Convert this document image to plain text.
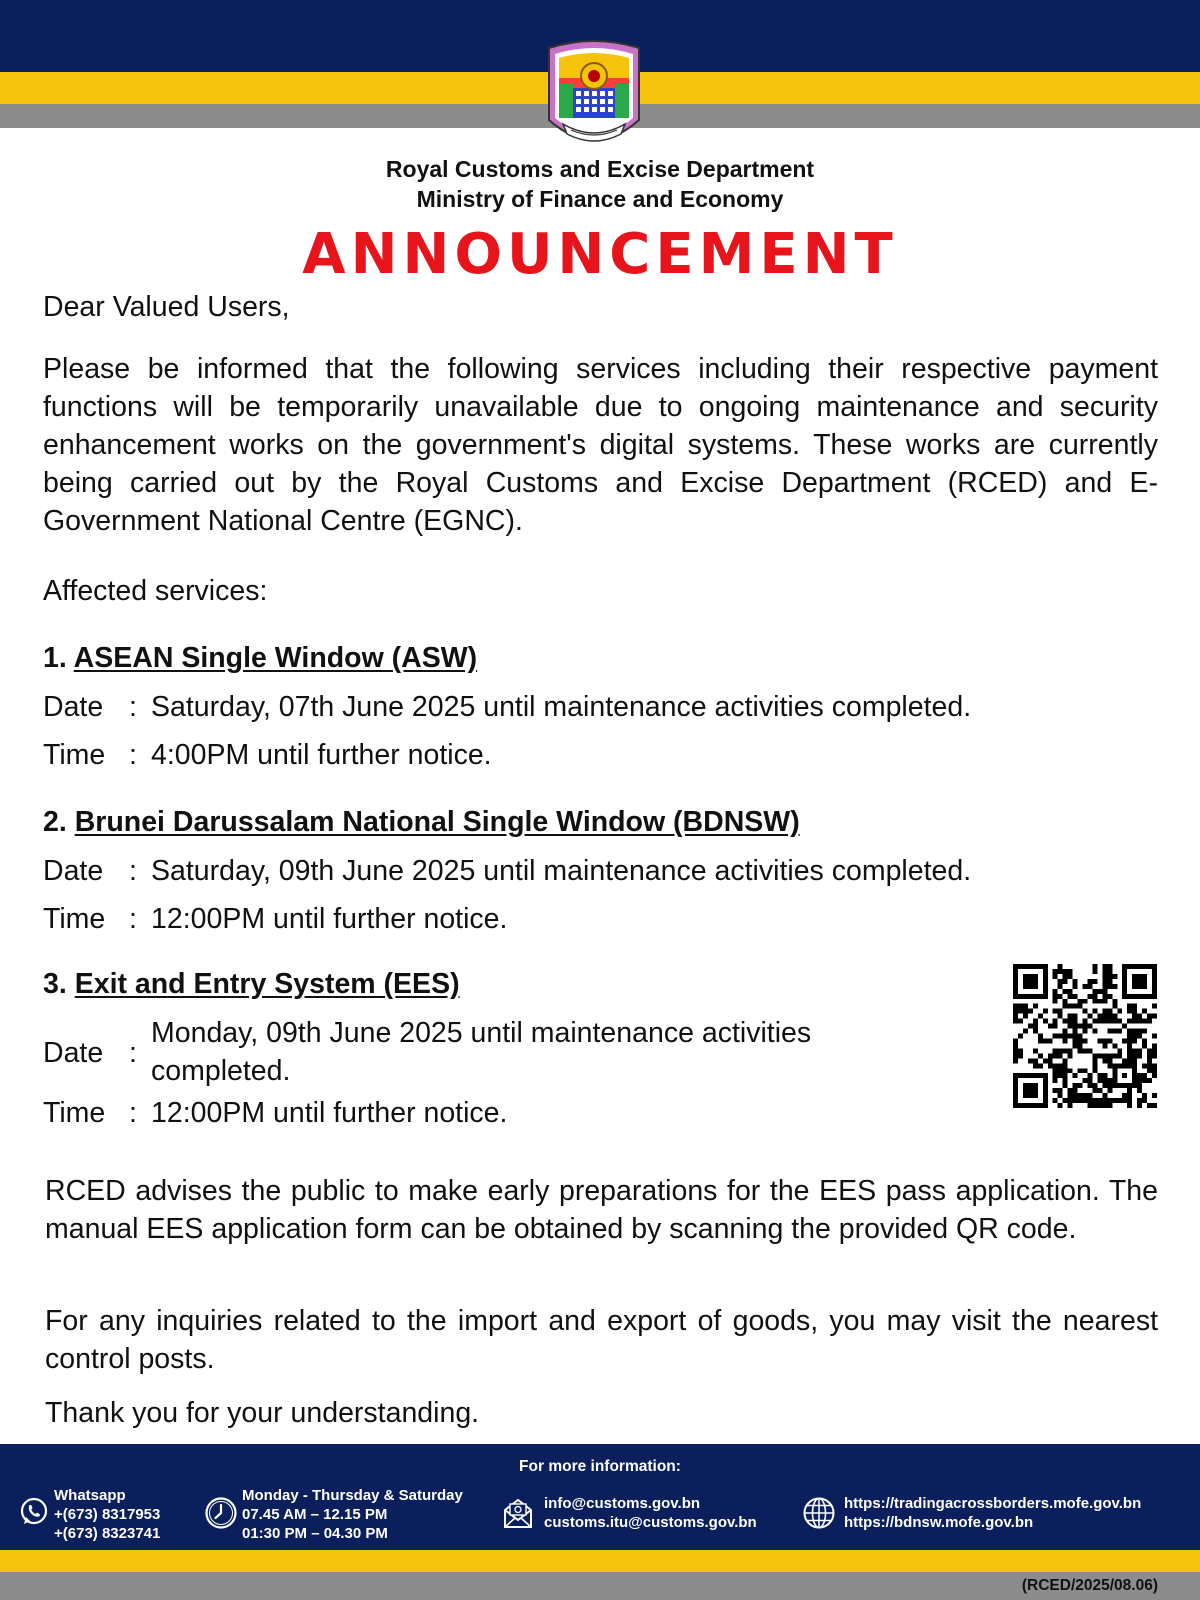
Royal Customs and Excise Department
Ministry of Finance and Economy
ANNOUNCEMENT
Dear Valued Users,
Please be informed that the following services including their respective payment functions will be temporarily unavailable due to ongoing maintenance and security enhancement works on the government's digital systems. These works are currently being carried out by the Royal Customs and Excise Department (RCED) and E-Government National Centre (EGNC).
Affected services:
1. ASEAN Single Window (ASW)
Date : Saturday, 07th June 2025 until maintenance activities completed.
Time : 4:00PM until further notice.
2. Brunei Darussalam National Single Window (BDNSW)
Date : Saturday, 09th June 2025 until maintenance activities completed.
Time : 12:00PM until further notice.
3. Exit and Entry System (EES)
Date :
Monday, 09th June 2025 until maintenance activities completed.
Time : 12:00PM until further notice.
RCED advises the public to make early preparations for the EES pass application. The manual EES application form can be obtained by scanning the provided QR code.
For any inquiries related to the import and export of goods, you may visit the nearest control posts.
Thank you for your understanding.
For more information:
Whatsapp
+(673) 8317953
+(673) 8323741
Monday - Thursday & Saturday
07.45 AM – 12.15 PM
01:30 PM – 04.30 PM
info@customs.gov.bn
customs.itu@customs.gov.bn
https://tradingacrossborders.mofe.gov.bn
https://bdnsw.mofe.gov.bn
(RCED/2025/08.06)
